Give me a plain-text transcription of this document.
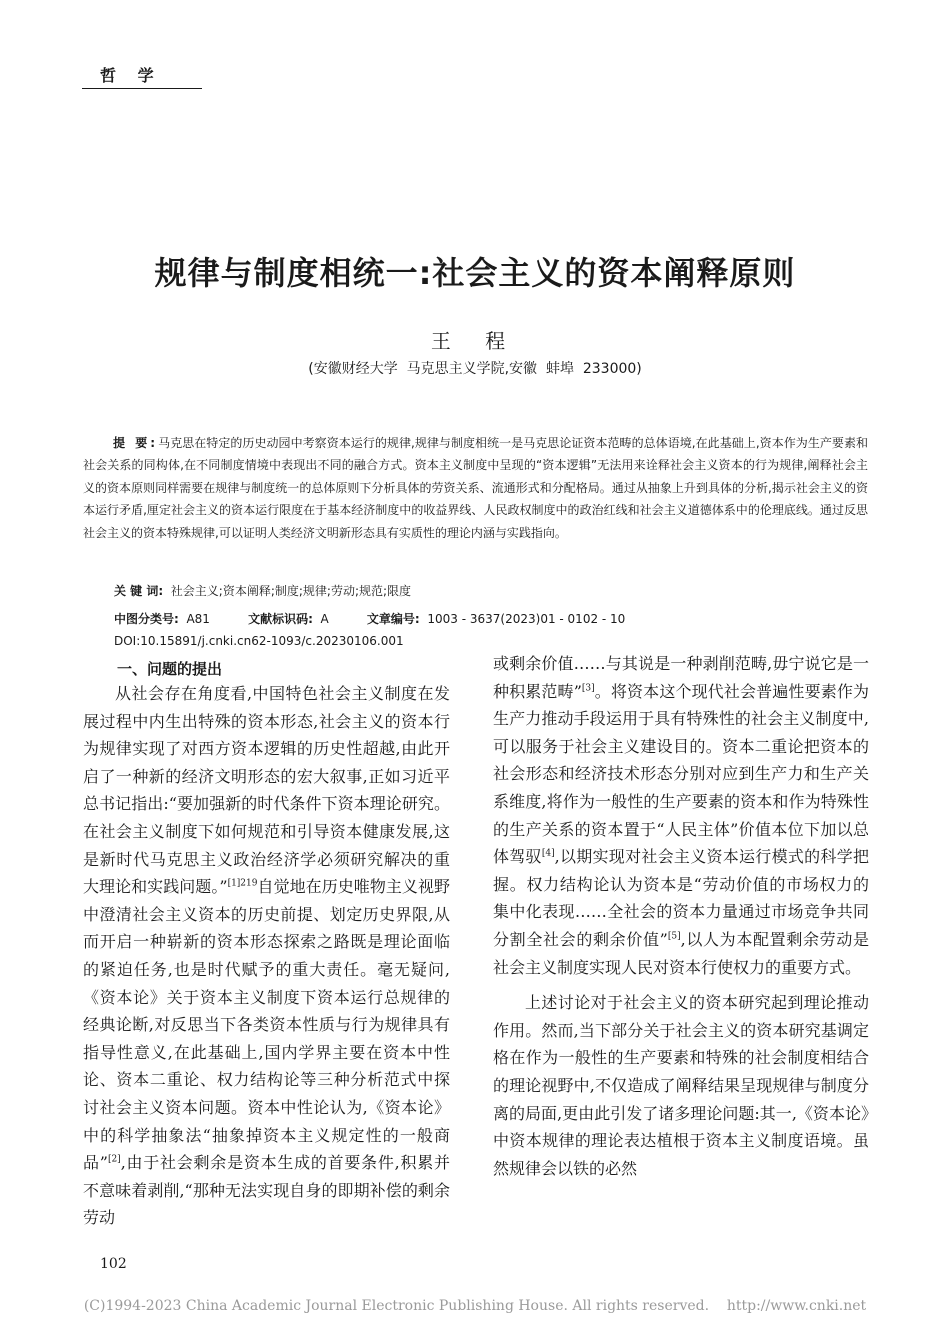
哲 学
规律与制度相统一:社会主义的资本阐释原则
王 程
(安徽财经大学  马克思主义学院,安徽  蚌埠  233000)
提 要:马克思在特定的历史动园中考察资本运行的规律,规律与制度相统一是马克思论证资本范畴的总体语境,在此基础上,资本作为生产要素和社会关系的同构体,在不同制度情境中表现出不同的融合方式。资本主义制度中呈现的“资本逻辑”无法用来诠释社会主义资本的行为规律,阐释社会主义的资本原则同样需要在规律与制度统一的总体原则下分析具体的劳资关系、流通形式和分配格局。通过从抽象上升到具体的分析,揭示社会主义的资本运行矛盾,厘定社会主义的资本运行限度在于基本经济制度中的收益界线、人民政权制度中的政治红线和社会主义道德体系中的伦理底线。通过反思社会主义的资本特殊规律,可以证明人类经济文明新形态具有实质性的理论内涵与实践指向。
关 键 词: 社会主义;资本阐释;制度;规律;劳动;规范;限度
中图分类号: A81	文献标识码: A	文章编号: 1003 - 3637(2023)01 - 0102 - 10
DOI:10.15891/j.cnki.cn62-1093/c.20230106.001
一、问题的提出

从社会存在角度看,中国特色社会主义制度在发展过程中内生出特殊的资本形态,社会主义的资本行为规律实现了对西方资本逻辑的历史性超越,由此开启了一种新的经济文明形态的宏大叙事,正如习近平总书记指出:“要加强新的时代条件下资本理论研究。在社会主义制度下如何规范和引导资本健康发展,这是新时代马克思主义政治经济学必须研究解决的重大理论和实践问题。”$^{[1]219}$自觉地在历史唯物主义视野中澄清社会主义资本的历史前提、划定历史界限,从而开启一种崭新的资本形态探索之路既是理论面临的紧迫任务,也是时代赋予的重大责任。毫无疑问,《资本论》关于资本主义制度下资本运行总规律的经典论断,对反思当下各类资本性质与行为规律具有指导性意义,在此基础上,国内学界主要在资本中性论、资本二重论、权力结构论等三种分析范式中探讨社会主义资本问题。资本中性论认为,《资本论》中的科学抽象法“抽象掉资本主义规定性的一般商品”[2],由于社会剩余是资本生成的首要条件,积累并不意味着剥削,“那种无法实现自身的即期补偿的剩余劳动

或剩余价值……与其说是一种剥削范畴,毋宁说它是一种积累范畴”[3]。将资本这个现代社会普遍性要素作为生产力推动手段运用于具有特殊性的社会主义制度中,可以服务于社会主义建设目的。资本二重论把资本的社会形态和经济技术形态分别对应到生产力和生产关系维度,将作为一般性的生产要素的资本和作为特殊性的生产关系的资本置于“人民主体”价值本位下加以总体驾驭[4],以期实现对社会主义资本运行模式的科学把握。权力结构论认为资本是“劳动价值的市场权力的集中化表现……全社会的资本力量通过市场竞争共同分割全社会的剩余价值”[5],以人为本配置剩余劳动是社会主义制度实现人民对资本行使权力的重要方式。

上述讨论对于社会主义的资本研究起到理论推动作用。然而,当下部分关于社会主义的资本研究基调定格在作为一般性的生产要素和特殊的社会制度相结合的理论视野中,不仅造成了阐释结果呈现规律与制度分离的局面,更由此引发了诸多理论问题:其一,《资本论》中资本规律的理论表达植根于资本主义制度语境。虽然规律会以铁的必然

102
(C)1994-2023 China Academic Journal Electronic Publishing House. All rights reserved.    http://www.cnki.net
